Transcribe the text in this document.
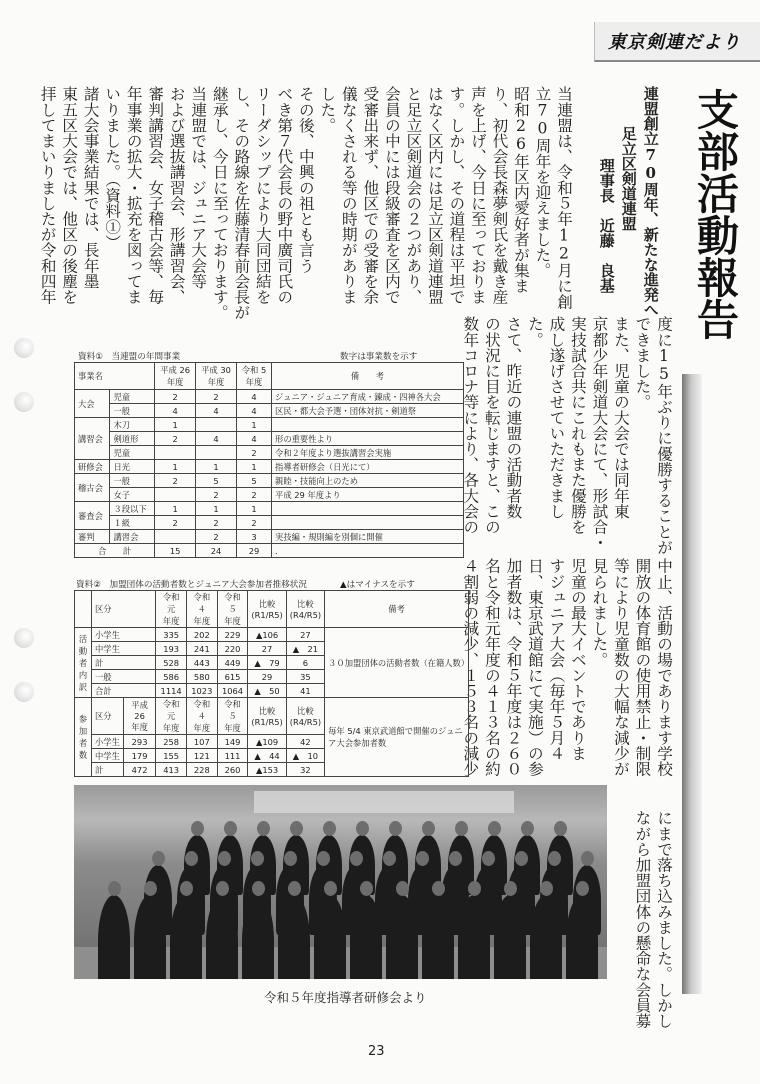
東京剣連だより
支部活動報告
連盟創立70周年、新たな進発へ
足立区剣道連盟
理事長　近藤　良基
当連盟は、令和５年12月に創
立70周年を迎えました。
昭和26年区内愛好者が集ま
り、初代会長森夢剣氏を戴き産
声を上げ、今日に至っておりま
す。しかし、その道程は平坦で
はなく区内には足立区剣道連盟
と足立区剣道会の２つがあり、
会員の中には段級審査を区内で
受審出来ず、他区での受審を余
儀なくされる等の時期がありま
した。
その後、中興の祖とも言う
べき第７代会長の野中廣司氏の
リーダシップにより大同団結を
し、その路線を佐藤清春前会長が
継承し、今日に至っております。
当連盟では、ジュニア大会等
および選抜講習会、形講習会、
審判講習会、女子稽古会等、毎
年事業の拡大・拡充を図ってま
いりました。（資料①）
諸大会事業結果では、長年墨
東五区大会では、他区の後塵を
拝してまいりましたが令和四年
度に15年ぶりに優勝することが
できました。
また、児童の大会では同年東
京都少年剣道大会にて、形試合・
実技試合共にこれもまた優勝を
成し遂げさせていただきまし
た。
さて、昨近の連盟の活動者数
の状況に目を転じますと、この
数年コロナ等により、各大会の
中止、活動の場であります学校
開放の体育館の使用禁止・制限
等により児童数の大幅な減少が
見られました。
児童の最大イベントでありま
すジュニア大会（毎年５月４
日、東京武道館にて実施）の参
加者数は、令和５年度は２６０
名と令和元年度の４１３名の約
４割弱の減少、１５３名の減少
にまで落ち込みました。しかし
ながら加盟団体の懸命な会員募
資料①　当連盟の年間事業	数字は事業数を示す
事業名		平成 26
年度	平成 30
年度	令和 5
年度	備　　考
大会	児童	2	2	4	ジュニア・ジュニア育成・錬成・四神各大会
	一般	4	4	4	区民・都大会予選・団体対抗・剣道祭
講習会	木刀	1		1	
	剣道形	2	4	4	形の重要性より
	児童			2	令和２年度より選抜講習会実施
研修会	日光	1	1	1	指導者研修会（日光にて）
稽古会	一般	2	5	5	親睦・技能向上のため
	女子		2	2	平成 29 年度より
審査会	３段以下	1	1	1	
	１級	2	2	2	
審判	講習会		2	3	実技編・規則編を別個に開催
合　　計		15	24	29	．
資料②　加盟団体の活動者数とジュニア大会参加者推移状況	▲はマイナスを示す
	区分		令和元
年度	令和４
年度	令和５
年度	比較
(R1/R5)	比較
(R4/R5)	備考
活動者内訳	小学生		335	202	229	▲106	27	３０加盟団体の活動者数（在籍人数）
	中学生		193	241	220	27	▲　21	
	計		528	443	449	▲　79	6	
	一般		586	580	615	29	35	
	合計		1114	1023	1064	▲　50	41	
参加者数	区分	平成 26
年度	令和元
年度	令和４
年度	令和５
年度	比較
(R1/R5)	比較
(R4/R5)	毎年 5/4 東京武道館で開催のジュニア大会参加者数
	小学生	293	258	107	149	▲109	42	
	中学生	179	155	121	111	▲　44	▲　10	
	計	472	413	228	260	▲153	32	
令和５年度指導者研修会より
23
